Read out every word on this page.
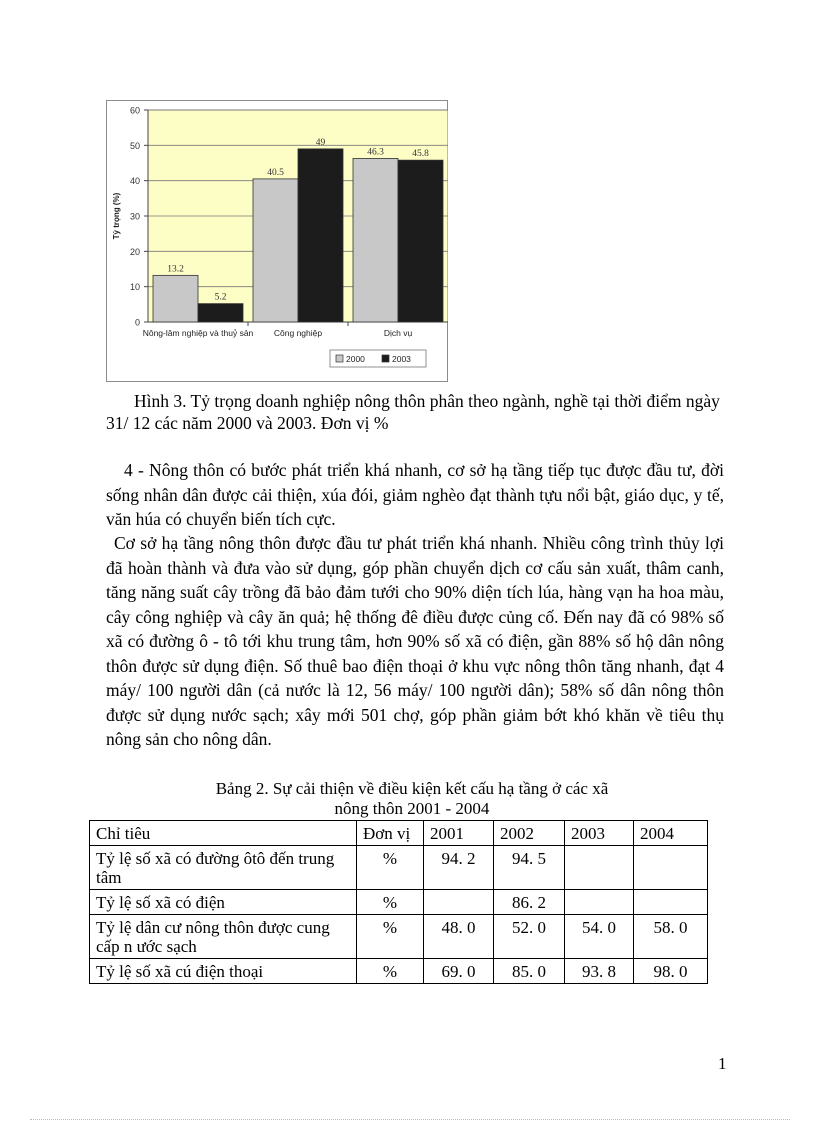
0
10
20
30
40
50
60
Tỷ trọng (%)
13.2
5.2
Nông-lâm nghiệp và thuỷ sản
40.5
49
Công nghiệp
46.3	45.8
Dịch vụ
2000	2003
Hình 3. Tỷ trọng doanh nghiệp nông thôn phân theo ngành, nghề tại thời điểm ngày 31/ 12 các năm 2000 và 2003. Đơn vị %
4 - Nông thôn có bước phát triển khá nhanh, cơ sở hạ tầng tiếp tục được đầu tư, đời sống nhân dân được cải thiện, xúa đói, giảm nghèo đạt thành tựu nổi bật, giáo dục, y tế, văn húa có chuyển biến tích cực.
Cơ sở hạ tầng nông thôn được đầu tư phát triển khá nhanh. Nhiều công trình thủy lợi đã hoàn thành và đưa vào sử dụng, góp phần chuyển dịch cơ cấu sản xuất, thâm canh, tăng năng suất cây trồng đã bảo đảm tưới cho 90% diện tích lúa, hàng vạn ha hoa màu, cây công nghiệp và cây ăn quả; hệ thống đê điều được củng cố. Đến nay đã có 98% số xã có đường ô - tô tới khu trung tâm, hơn 90% số xã có điện, gần 88% số hộ dân nông thôn được sử dụng điện. Số thuê bao điện thoại ở khu vực nông thôn tăng nhanh, đạt 4 máy/ 100 người dân (cả nước là 12, 56 máy/ 100 người dân); 58% số dân nông thôn được sử dụng nước sạch; xây mới 501 chợ, góp phần giảm bớt khó khăn về tiêu thụ nông sản cho nông dân.
Bảng 2. Sự cải thiện về điều kiện kết cấu hạ tầng ở các xã
nông thôn 2001 - 2004
Chỉ tiêu	Đơn vị	2001	2002	2003	2004
Tỷ lệ số xã có đường ôtô đến trung tâm	%	94. 2	94. 5		
Tỷ lệ số xã có điện	%		86. 2		
Tỷ lệ dân cư nông thôn được cung cấp n ước sạch	%	48. 0	52. 0	54. 0	58. 0
Tỷ lệ số xã cú điện thoại	%	69. 0	85. 0	93. 8	98. 0
1
